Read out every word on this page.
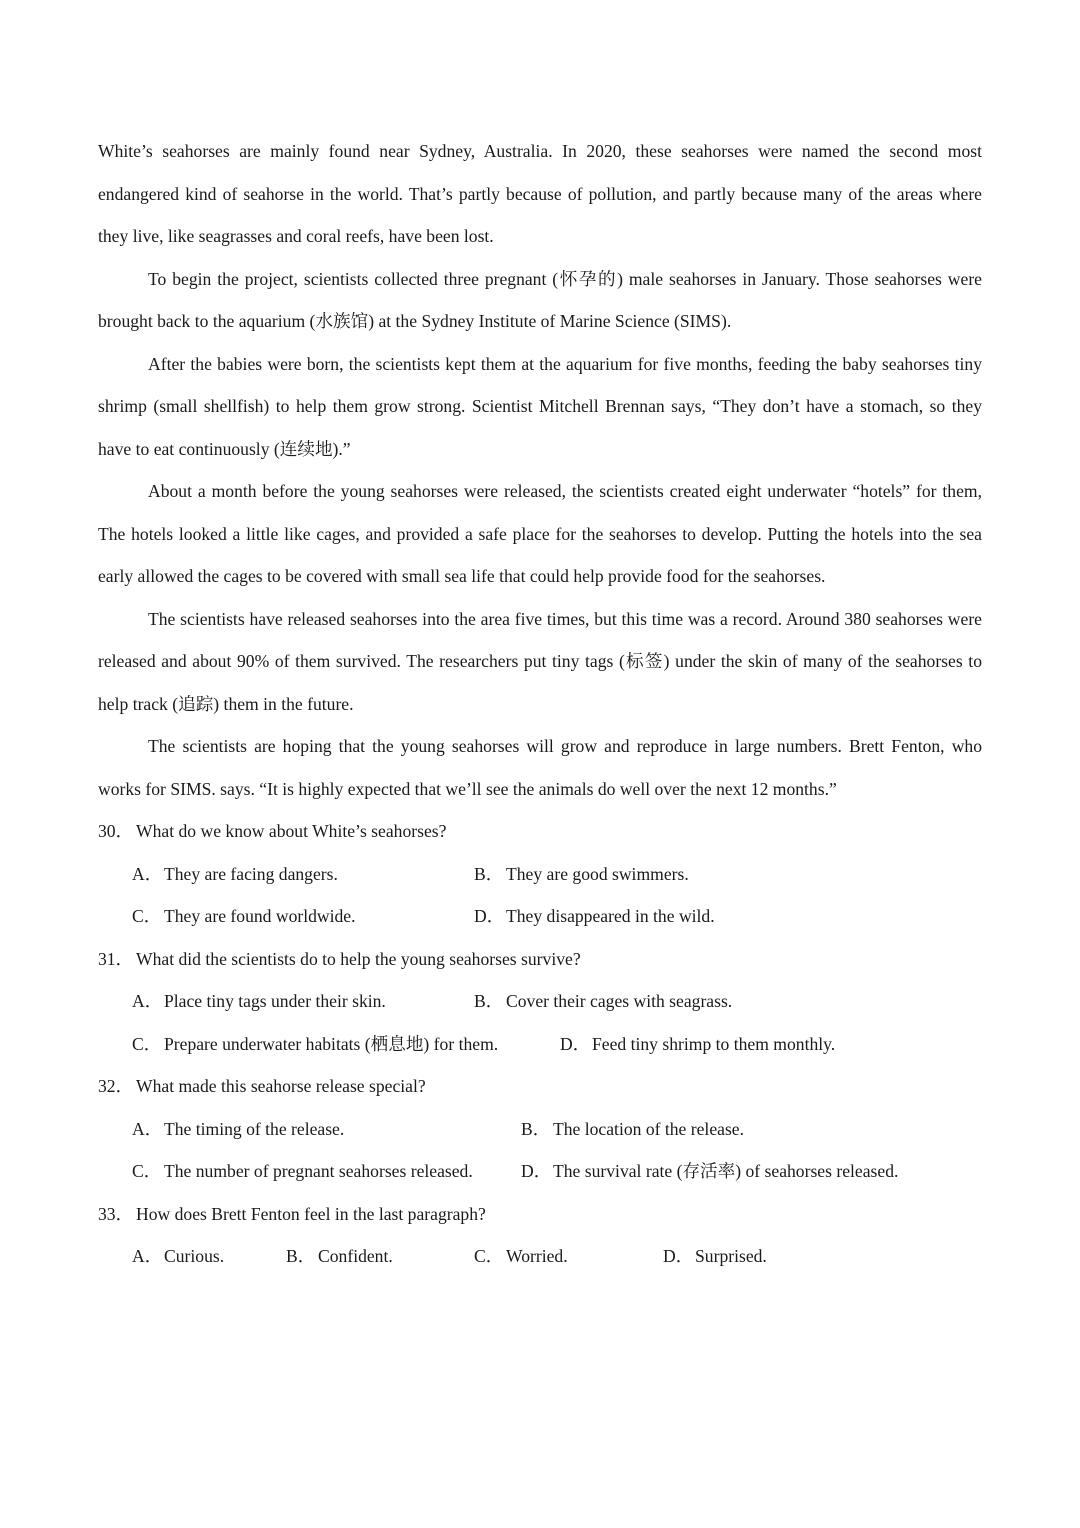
White’s seahorses are mainly found near Sydney, Australia. In 2020, these seahorses were named the second most endangered kind of seahorse in the world. That’s partly because of pollution, and partly because many of the areas where they live, like seagrasses and coral reefs, have been lost.

To begin the project, scientists collected three pregnant (怀孕的) male seahorses in January. Those seahorses were brought back to the aquarium (水族馆) at the Sydney Institute of Marine Science (SIMS).

After the babies were born, the scientists kept them at the aquarium for five months, feeding the baby seahorses tiny shrimp (small shellfish) to help them grow strong. Scientist Mitchell Brennan says, “They don’t have a stomach, so they have to eat continuously (连续地).”

About a month before the young seahorses were released, the scientists created eight underwater “hotels” for them, The hotels looked a little like cages, and provided a safe place for the seahorses to develop. Putting the hotels into the sea early allowed the cages to be covered with small sea life that could help provide food for the seahorses.

The scientists have released seahorses into the area five times, but this time was a record. Around 380 seahorses were released and about 90% of them survived. The researchers put tiny tags (标签) under the skin of many of the seahorses to help track (追踪) them in the future.

The scientists are hoping that the young seahorses will grow and reproduce in large numbers. Brett Fenton, who works for SIMS. says. “It is highly expected that we’ll see the animals do well over the next 12 months.”

30． What do we know about White’s seahorses?
A．They are facing dangers.	B． They are good swimmers.
C． They are found worldwide.	D．They disappeared in the wild.
31． What did the scientists do to help the young seahorses survive?
A．Place tiny tags under their skin.	B． Cover their cages with seagrass.
C． Prepare underwater habitats (栖息地) for them.	D．Feed tiny shrimp to them monthly.
32． What made this seahorse release special?
A．The timing of the release.	B． The location of the release.
C． The number of pregnant seahorses released.	D．The survival rate (存活率) of seahorses released.
33． How does Brett Fenton feel in the last paragraph?
A．Curious.	B． Confident.	C． Worried.	D．Surprised.
